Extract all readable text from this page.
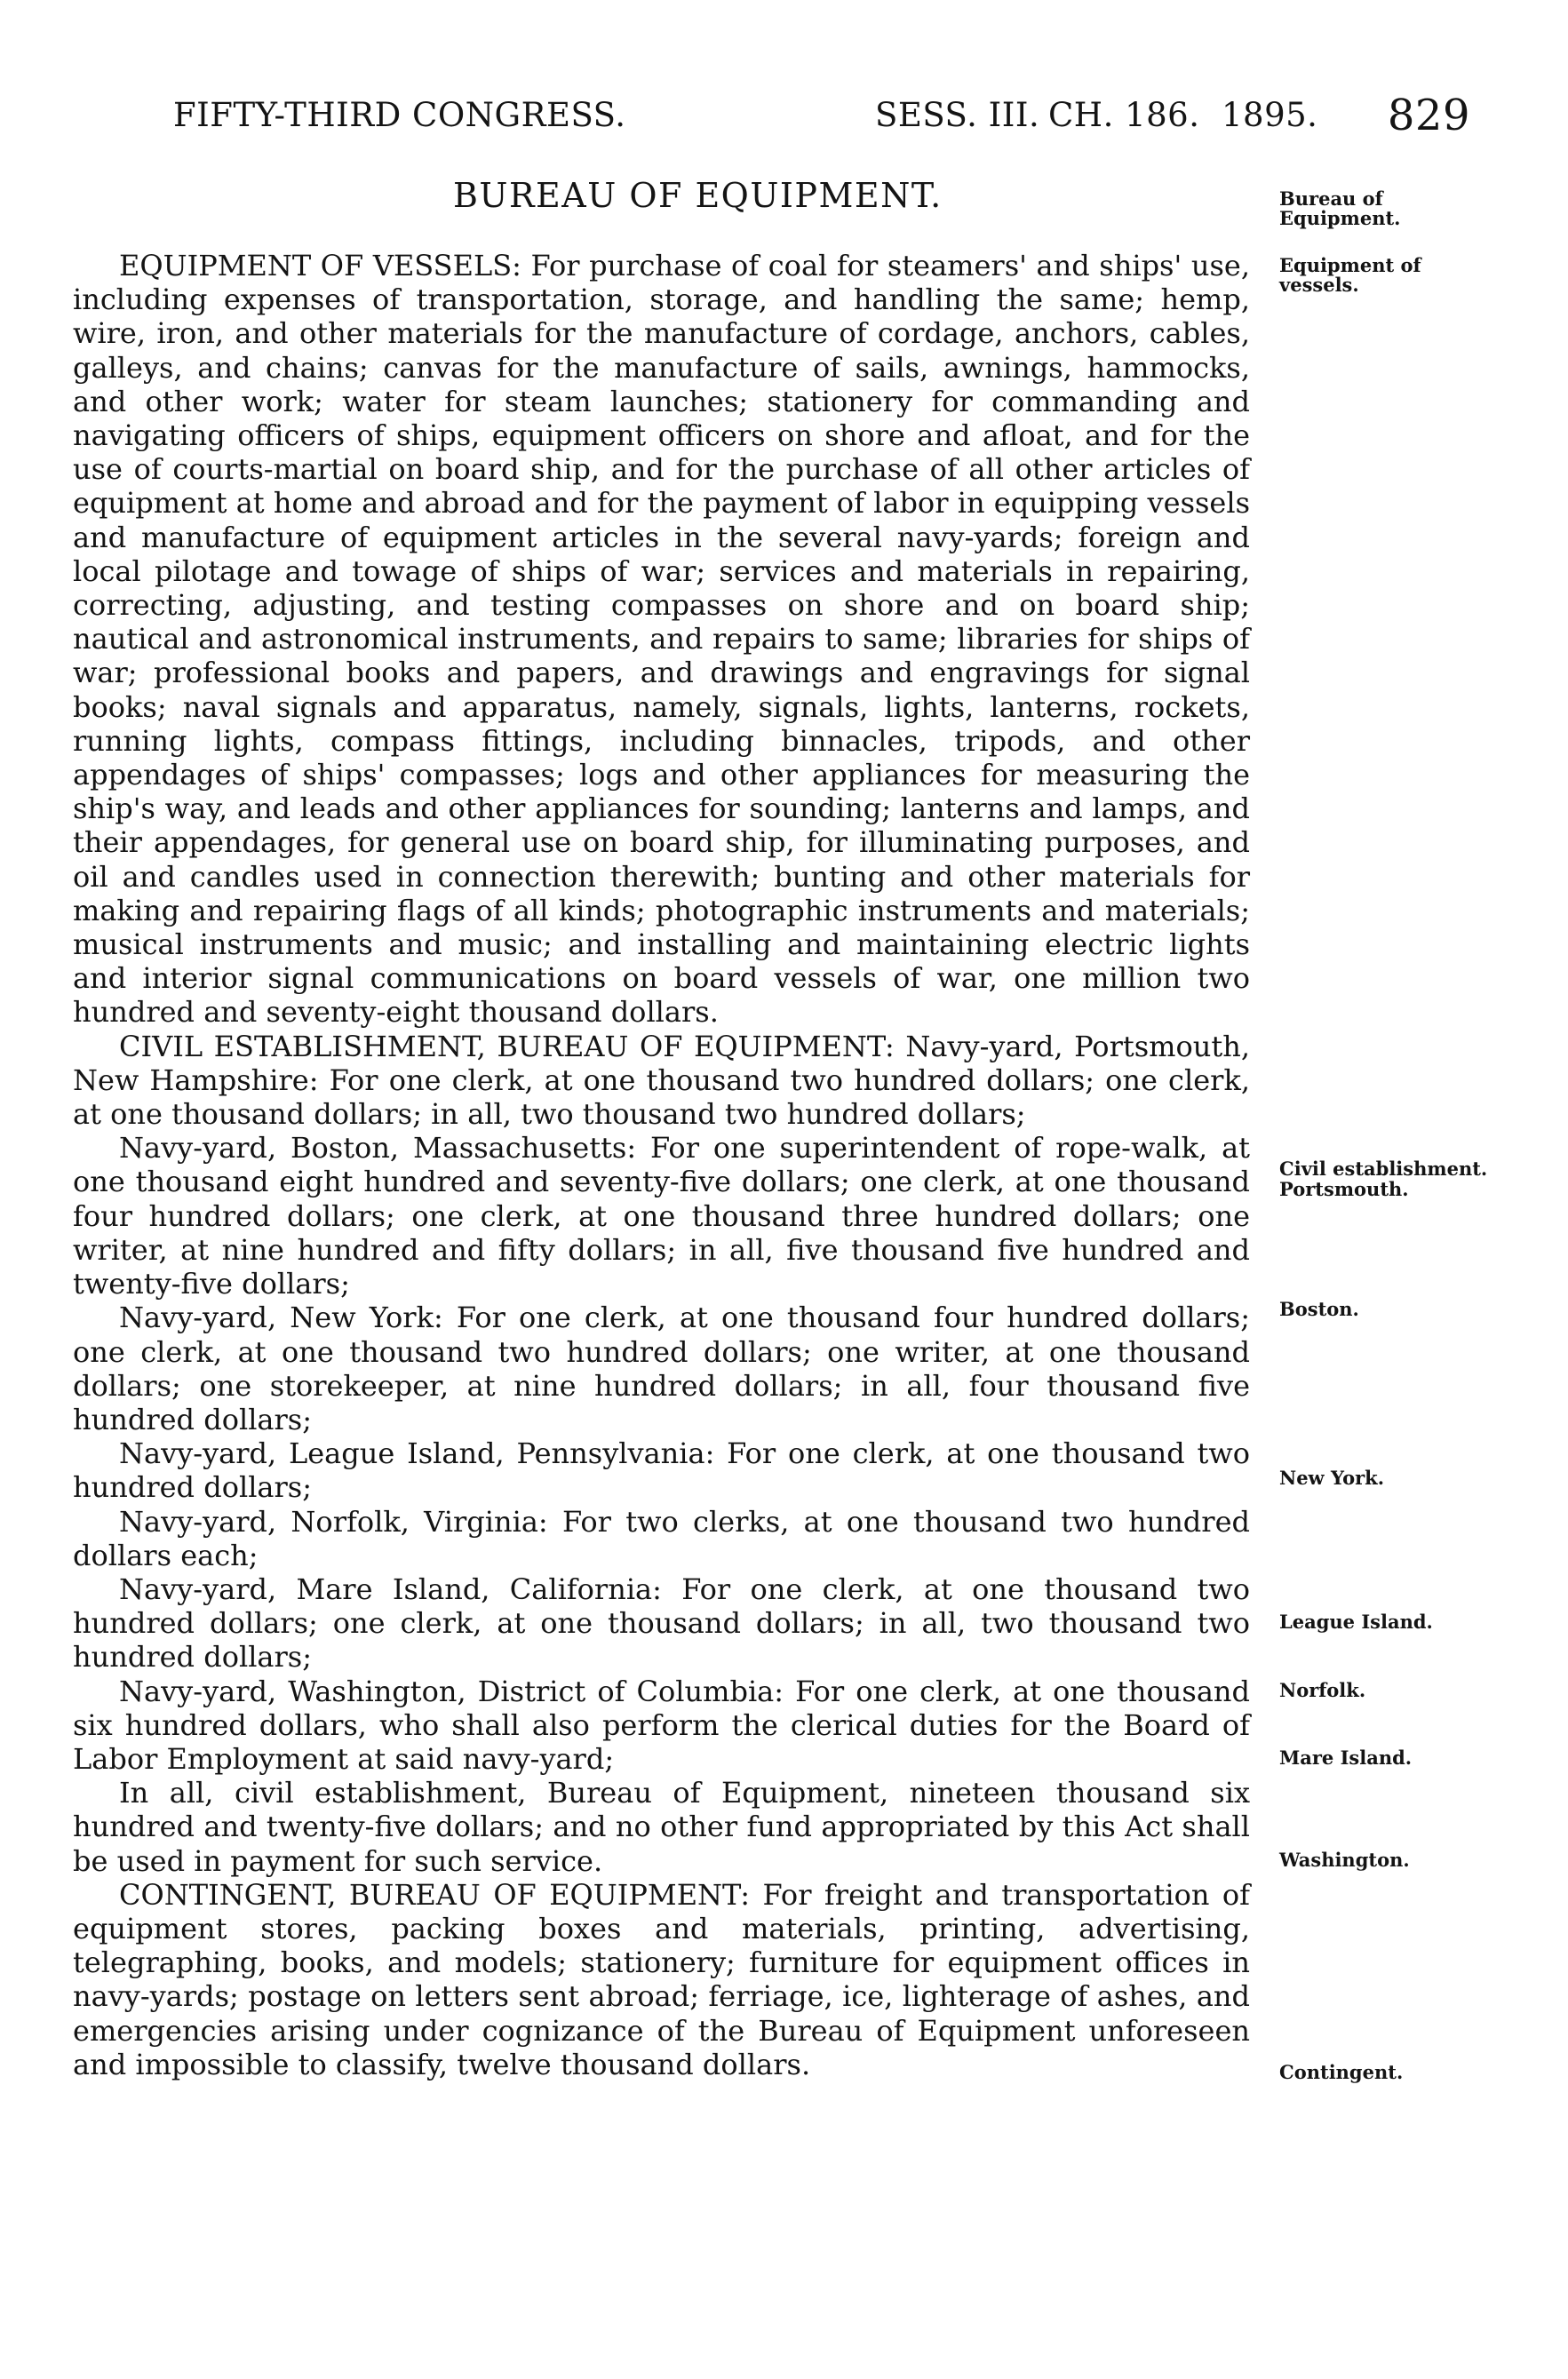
FIFTY-THIRD CONGRESS.	SESS. III. CH. 186. 1895. 829
BUREAU OF EQUIPMENT.	Bureau of Equipment.
Equipment of vessels.
Civil establishment.
Portsmouth.
Boston.
New York.
League Island.
Norfolk.
Mare Island.
Washington.
Contingent.

EQUIPMENT OF VESSELS: For purchase of coal for steamers' and ships' use, including expenses of transportation, storage, and handling the same; hemp, wire, iron, and other materials for the manufacture of cordage, anchors, cables, galleys, and chains; canvas for the manufacture of sails, awnings, hammocks, and other work; water for steam launches; stationery for commanding and navigating officers of ships, equipment officers on shore and afloat, and for the use of courts-martial on board ship, and for the purchase of all other articles of equipment at home and abroad and for the payment of labor in equipping vessels and manufacture of equipment articles in the several navy-yards; foreign and local pilotage and towage of ships of war; services and materials in repairing, correcting, adjusting, and testing compasses on shore and on board ship; nautical and astronomical instruments, and repairs to same; libraries for ships of war; professional books and papers, and drawings and engravings for signal books; naval signals and apparatus, namely, signals, lights, lanterns, rockets, running lights, compass fittings, including binnacles, tripods, and other appendages of ships' compasses; logs and other appliances for measuring the ship's way, and leads and other appliances for sounding; lanterns and lamps, and their appendages, for general use on board ship, for illuminating purposes, and oil and candles used in connection therewith; bunting and other materials for making and repairing flags of all kinds; photographic instruments and materials; musical instruments and music; and installing and maintaining electric lights and interior signal communications on board vessels of war, one million two hundred and seventy-eight thousand dollars.

CIVIL ESTABLISHMENT, BUREAU OF EQUIPMENT: Navy-yard, Portsmouth, New Hampshire: For one clerk, at one thousand two hundred dollars; one clerk, at one thousand dollars; in all, two thousand two hundred dollars;

Navy-yard, Boston, Massachusetts: For one superintendent of rope-walk, at one thousand eight hundred and seventy-five dollars; one clerk, at one thousand four hundred dollars; one clerk, at one thousand three hundred dollars; one writer, at nine hundred and fifty dollars; in all, five thousand five hundred and twenty-five dollars;

Navy-yard, New York: For one clerk, at one thousand four hundred dollars; one clerk, at one thousand two hundred dollars; one writer, at one thousand dollars; one storekeeper, at nine hundred dollars; in all, four thousand five hundred dollars;

Navy-yard, League Island, Pennsylvania: For one clerk, at one thousand two hundred dollars;

Navy-yard, Norfolk, Virginia: For two clerks, at one thousand two hundred dollars each;

Navy-yard, Mare Island, California: For one clerk, at one thousand two hundred dollars; one clerk, at one thousand dollars; in all, two thousand two hundred dollars;

Navy-yard, Washington, District of Columbia: For one clerk, at one thousand six hundred dollars, who shall also perform the clerical duties for the Board of Labor Employment at said navy-yard;

In all, civil establishment, Bureau of Equipment, nineteen thousand six hundred and twenty-five dollars; and no other fund appropriated by this Act shall be used in payment for such service.

CONTINGENT, BUREAU OF EQUIPMENT: For freight and transportation of equipment stores, packing boxes and materials, printing, advertising, telegraphing, books, and models; stationery; furniture for equipment offices in navy-yards; postage on letters sent abroad; ferriage, ice, lighterage of ashes, and emergencies arising under cognizance of the Bureau of Equipment unforeseen and impossible to classify, twelve thousand dollars.
